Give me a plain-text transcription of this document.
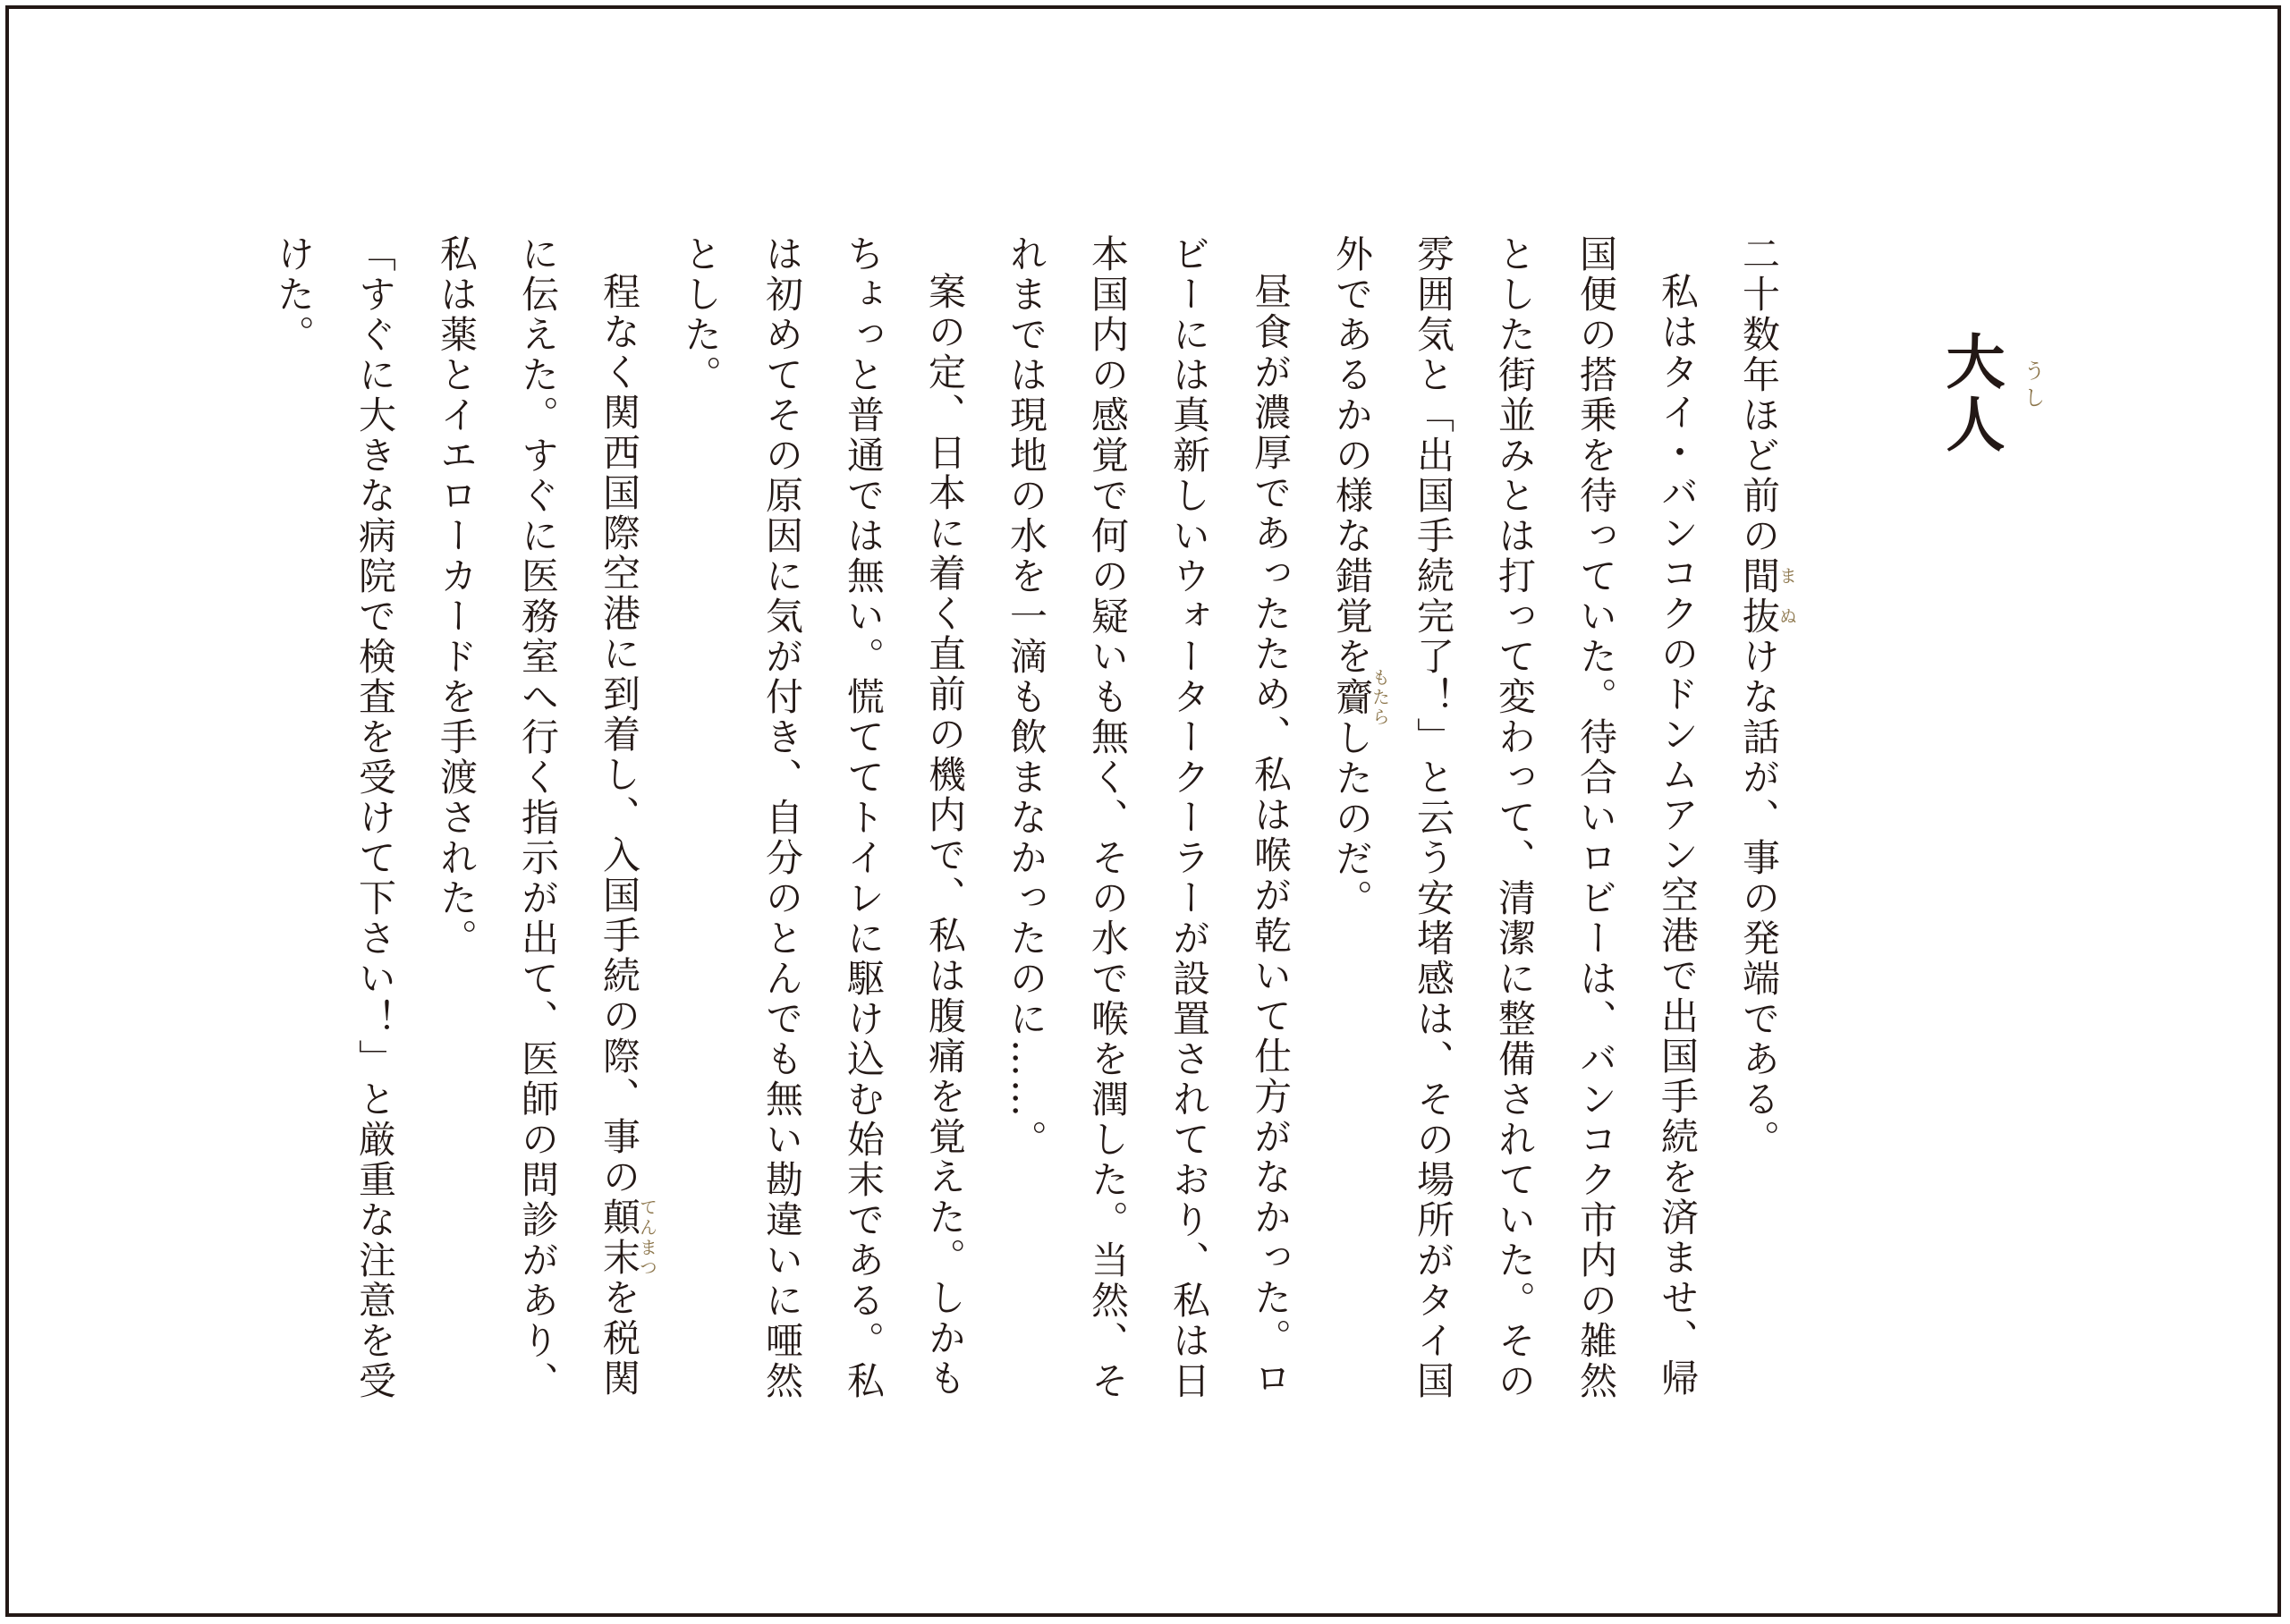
大人 うし

二十数年ほど前の間抜まぬけな話が、事の発端である。

私はタイ・バンコクのドンムアン空港で出国手続を済ませ、帰国便の搭乗を待っていた。待合いロビーは、バンコク市内の雑然とした街並みとは打って変わって、清潔に整備されていた。その雰囲気と「出国手続完了！」と云う安堵感は、その場所がタイ国外であるかの様な錯覚を齎もたらしたのだ。

昼食が濃厚であったため、私は喉が乾いて仕方がなかった。ロビーには真新しいウォータークーラーが設置されており、私は日本国内の感覚で何の疑いも無く、その水で喉を潤した。当然、それまでは現地の水を一滴も飲まなかったのに……。

案の定、日本に着く直前の機内で、私は腹痛を覚えた。しかもちょっと普通では無い。慌ててトイレに駆け込む始末である。私は初めてその原因に気が付き、自分のとんでも無い勘違いに唖然とした。

程なく関西国際空港に到着し、入国手続の際、事の顛末てんまつを税関に伝えた。すぐに医務室へ行く指示が出て、医師の問診があり、私は薬とイエローカードを手渡された。

「すぐに大きな病院で検査を受けて下さい！」と厳重な注意を受けた。
